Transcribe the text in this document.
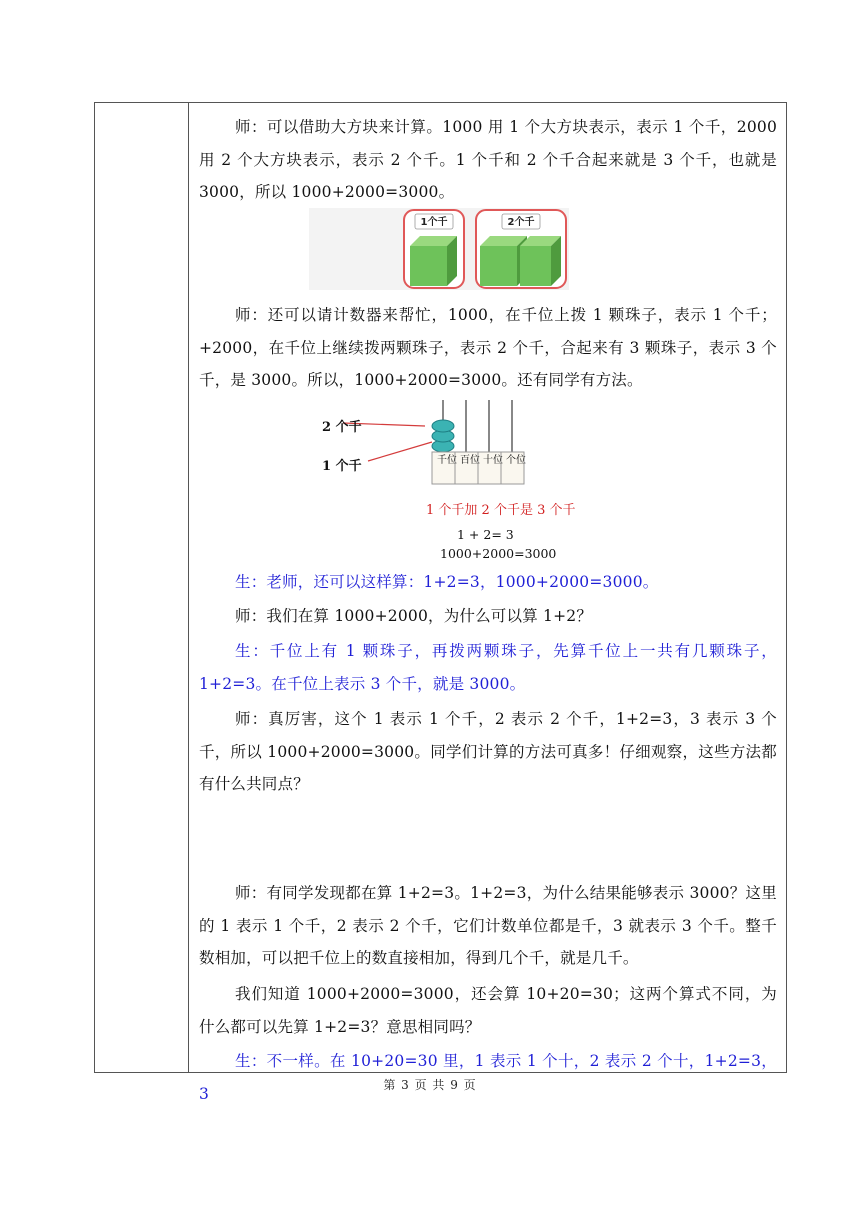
师：可以借助大方块来计算。1000 用 1 个大方块表示，表示 1 个千，2000 用 2 个大方块表示，表示 2 个千。1 个千和 2 个千合起来就是 3 个千，也就是 3000，所以 1000+2000=3000。

师：还可以请计数器来帮忙，1000，在千位上拨 1 颗珠子，表示 1 个千；+2000，在千位上继续拨两颗珠子，表示 2 个千，合起来有 3 颗珠子，表示 3 个千，是 3000。所以，1000+2000=3000。还有同学有方法。

生：老师，还可以这样算：1+2=3，1000+2000=3000。

师：我们在算 1000+2000，为什么可以算 1+2？

生：千位上有 1 颗珠子，再拨两颗珠子，先算千位上一共有几颗珠子，1+2=3。在千位上表示 3 个千，就是 3000。

师：真厉害，这个 1 表示 1 个千，2 表示 2 个千，1+2=3，3 表示 3 个千，所以 1000+2000=3000。同学们计算的方法可真多！仔细观察，这些方法都有什么共同点？

师：有同学发现都在算 1+2=3。1+2=3，为什么结果能够表示 3000？这里的 1 表示 1 个千，2 表示 2 个千，它们计数单位都是千，3 就表示 3 个千。整千数相加，可以把千位上的数直接相加，得到几个千，就是几千。

我们知道 1000+2000=3000，还会算 10+20=30；这两个算式不同，为什么都可以先算 1+2=3？意思相同吗？

生：不一样。在 10+20=30 里，1 表示 1 个十，2 表示 2 个十，1+2=3，3

1个千	2个千
千位 百位 十位 个位
2 个千
1 个千
1 个千加 2 个千是 3 个千
1 + 2= 3
1000+2000=3000
第 3 页 共 9 页
